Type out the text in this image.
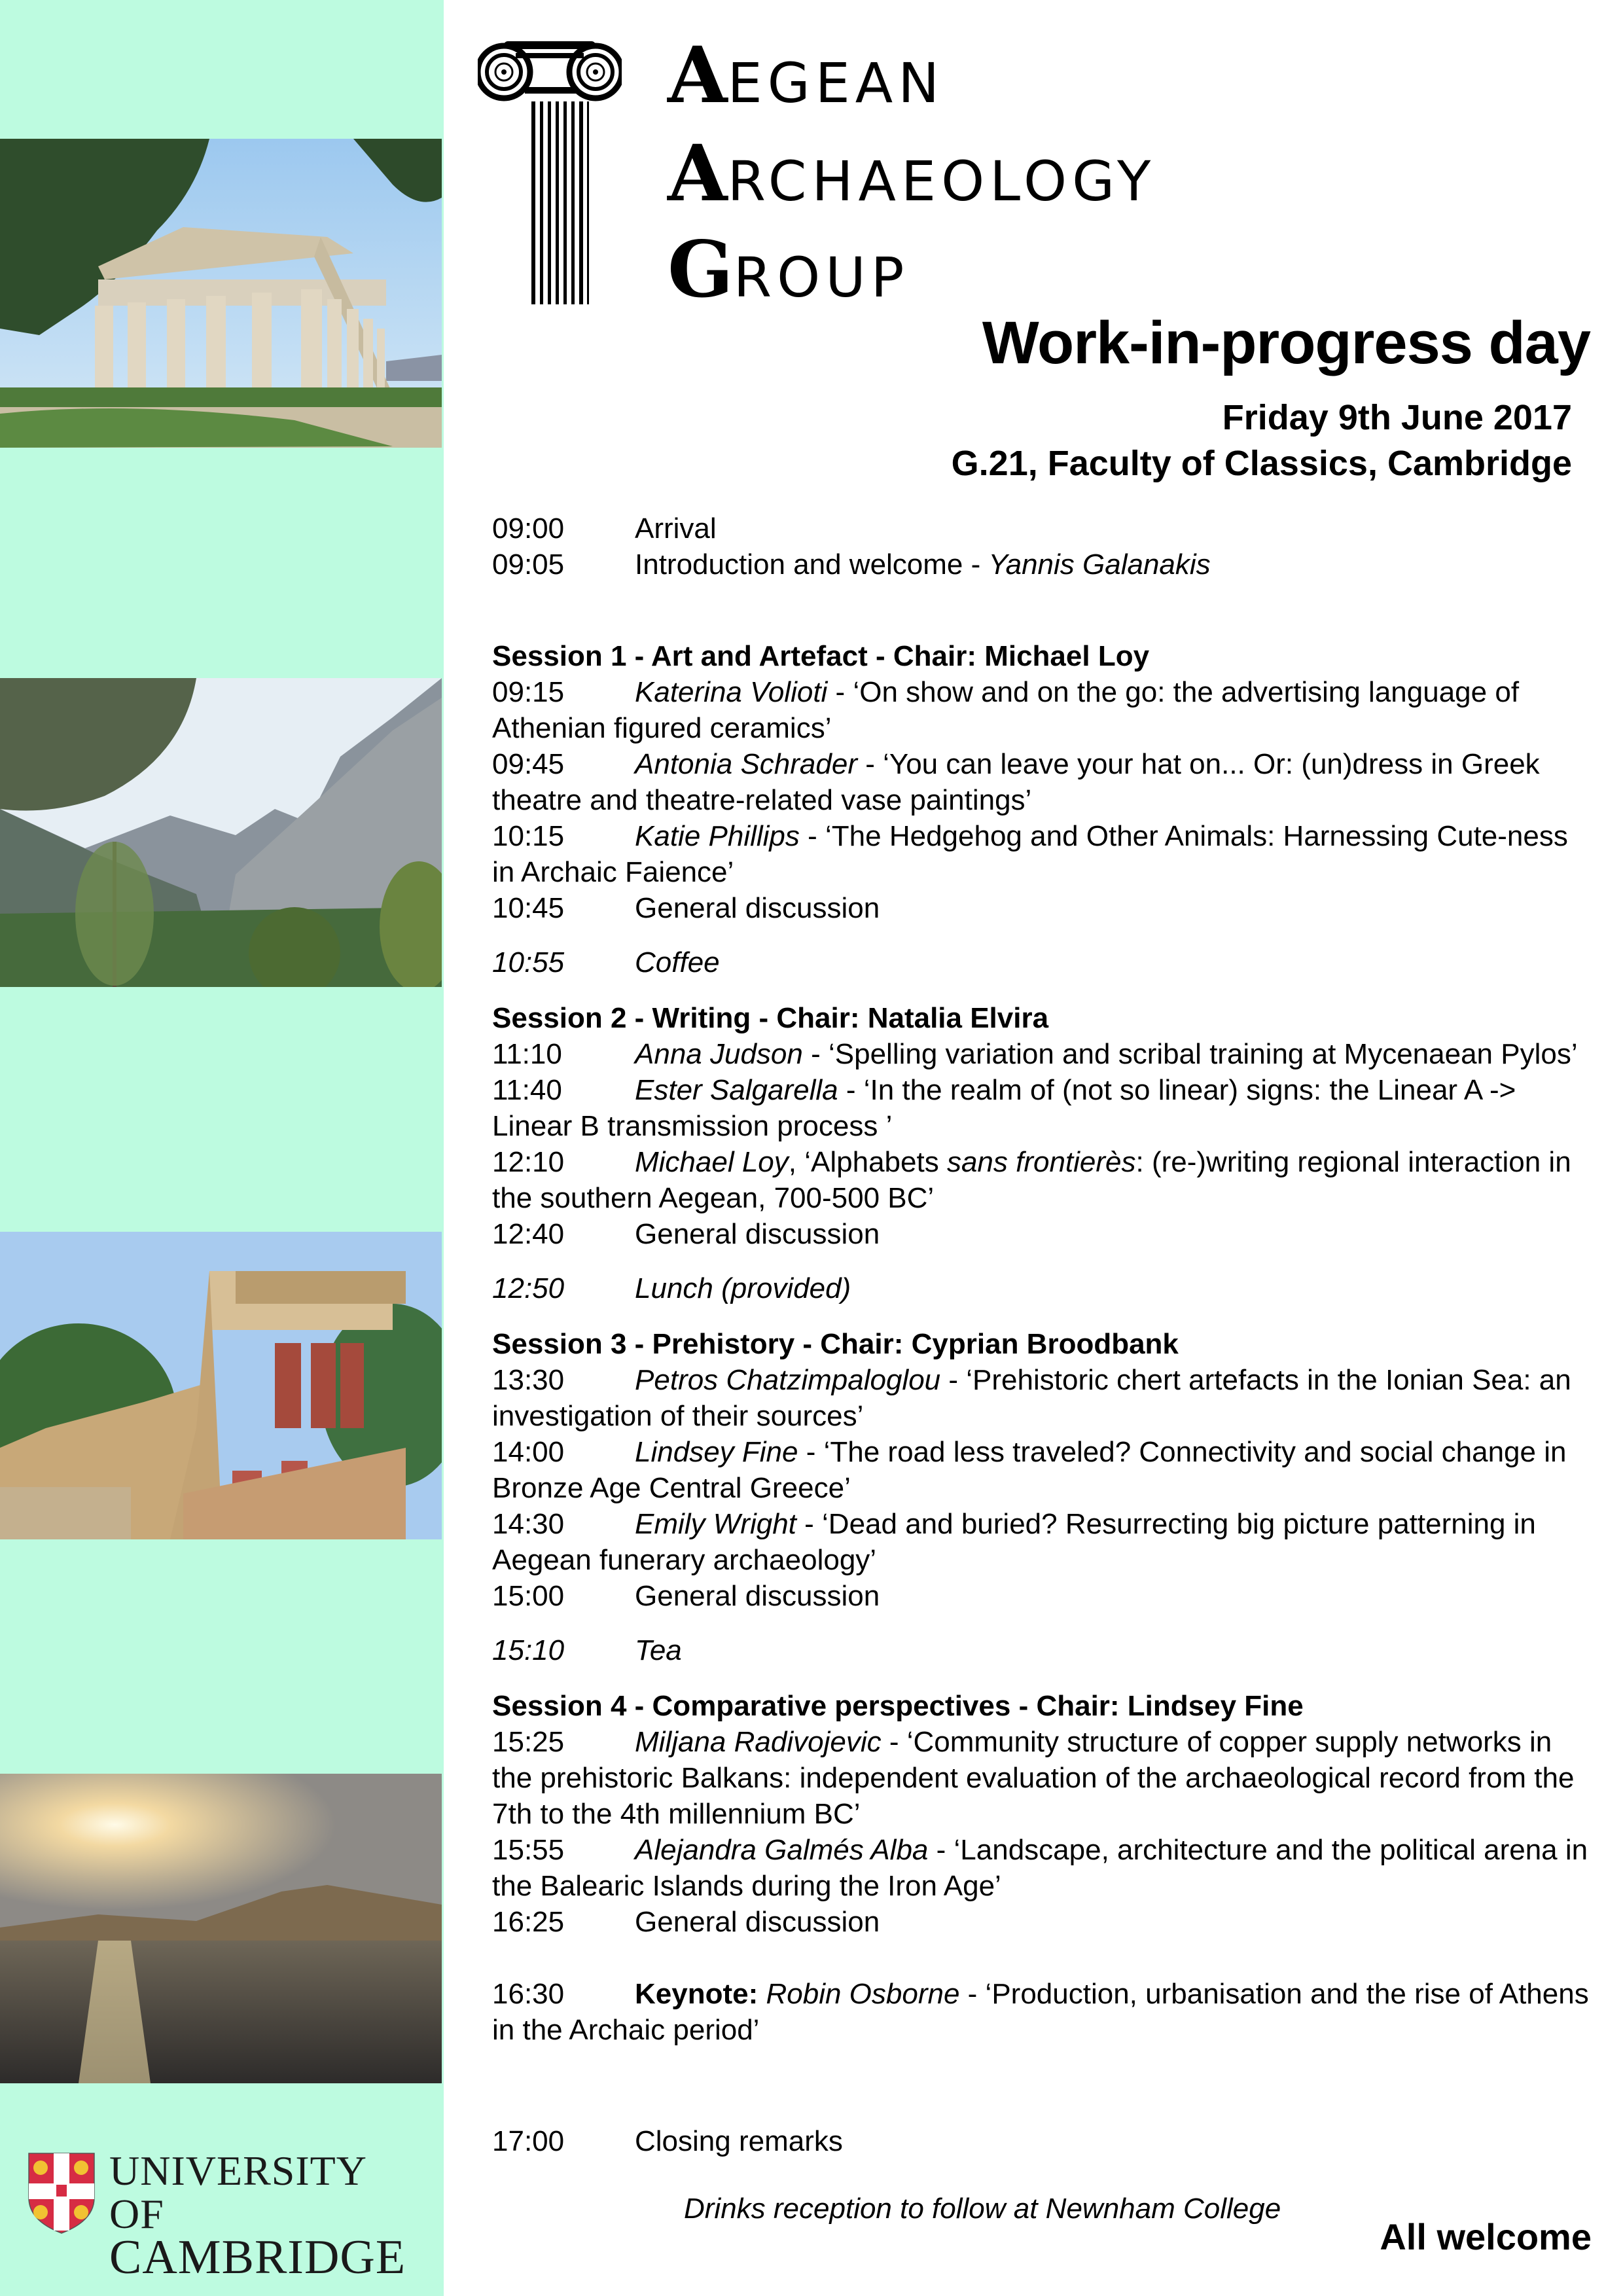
UNIVERSITY OF
CAMBRIDGE
AEGEAN
ARCHAEOLOGY
GROUP
Work-in-progress day
Friday 9th June 2017
G.21, Faculty of Classics, Cambridge
09:00 Arrival
09:05 Introduction and welcome - Yannis Galanakis
Session 1 - Art and Artefact - Chair: Michael Loy
09:15 Katerina Volioti - ‘On show and on the go: the advertising language of Athenian figured ceramics’
09:45 Antonia Schrader - ‘You can leave your hat on... Or: (un)dress in Greek theatre and theatre-related vase paintings’
10:15 Katie Phillips - ‘The Hedgehog and Other Animals: Harnessing Cute-ness in Archaic Faience’
10:45 General discussion
10:55 Coffee
Session 2 - Writing - Chair: Natalia Elvira
11:10	Anna Judson - ‘Spelling variation and scribal training at Mycenaean Pylos’
11:40	Ester Salgarella - ‘In the realm of (not so linear) signs: the Linear A -> Linear B transmission process ’
12:10 Michael Loy, ‘Alphabets sans frontierès: (re-)writing regional interaction in the southern Aegean, 700-500 BC’
12:40 General discussion
12:50 Lunch (provided)
Session 3 - Prehistory - Chair: Cyprian Broodbank
13:30 Petros Chatzimpaloglou - ‘Prehistoric chert artefacts in the Ionian Sea: an investigation of their sources’
14:00 Lindsey Fine - ‘The road less traveled? Connectivity and social change in Bronze Age Central Greece’
14:30 Emily Wright - ‘Dead and buried? Resurrecting big picture patterning in Aegean funerary archaeology’
15:00 General discussion
15:10 Tea
Session 4 - Comparative perspectives - Chair: Lindsey Fine
15:25 Miljana Radivojevic - ‘Community structure of copper supply networks in the prehistoric Balkans: independent evaluation of the archaeological record from the 7th to the 4th millennium BC’
15:55 Alejandra Galmés Alba - ‘Landscape, architecture and the political arena in the Balearic Islands during the Iron Age’
16:25 General discussion
16:30 Keynote: Robin Osborne - ‘Production, urbanisation and the rise of Athens in the Archaic period’
17:00 Closing remarks
Drinks reception to follow at Newnham College
All welcome
